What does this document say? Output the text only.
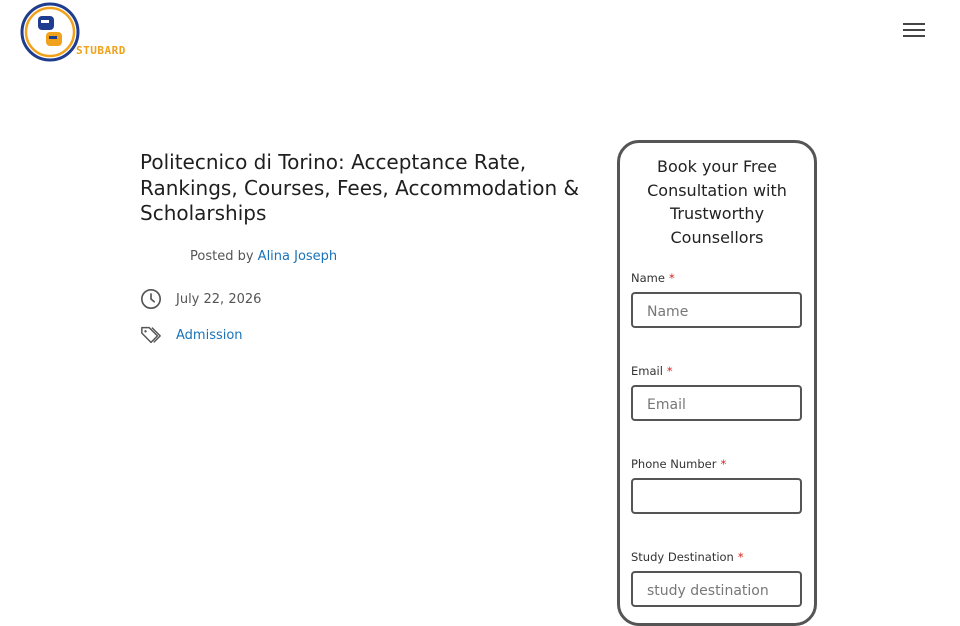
STUBARD
Politecnico di Torino: Acceptance Rate, Rankings, Courses, Fees, Accommodation & Scholarships
Posted by Alina Joseph
July 22, 2026
Admission
Book your Free Consultation with Trustworthy Counsellors
Name *
Name
Email *
Email
Phone Number *
Study Destination *
study destination
